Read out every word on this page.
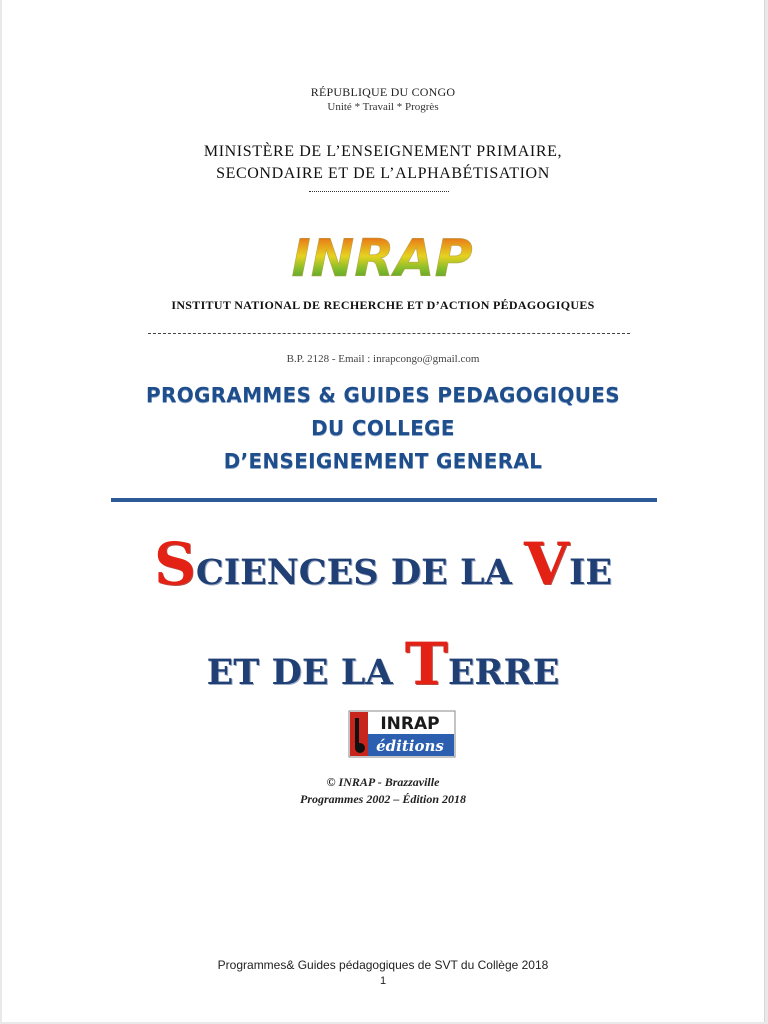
RÉPUBLIQUE DU CONGO
Unité * Travail * Progrès
MINISTÈRE DE L’ENSEIGNEMENT PRIMAIRE,
SECONDAIRE ET DE L’ALPHABÉTISATION
INRAP
INSTITUT NATIONAL DE RECHERCHE ET D’ACTION PÉDAGOGIQUES
B.P. 2128 - Email : inrapcongo@gmail.com
PROGRAMMES & GUIDES PEDAGOGIQUES
DU COLLEGE
D’ENSEIGNEMENT GENERAL
SCIENCES DE LA VIE
ET DE LA TERRE
INRAP
éditions
© INRAP - Brazzaville
Programmes 2002 – Édition 2018
Programmes& Guides pédagogiques de SVT du Collège 2018
1
